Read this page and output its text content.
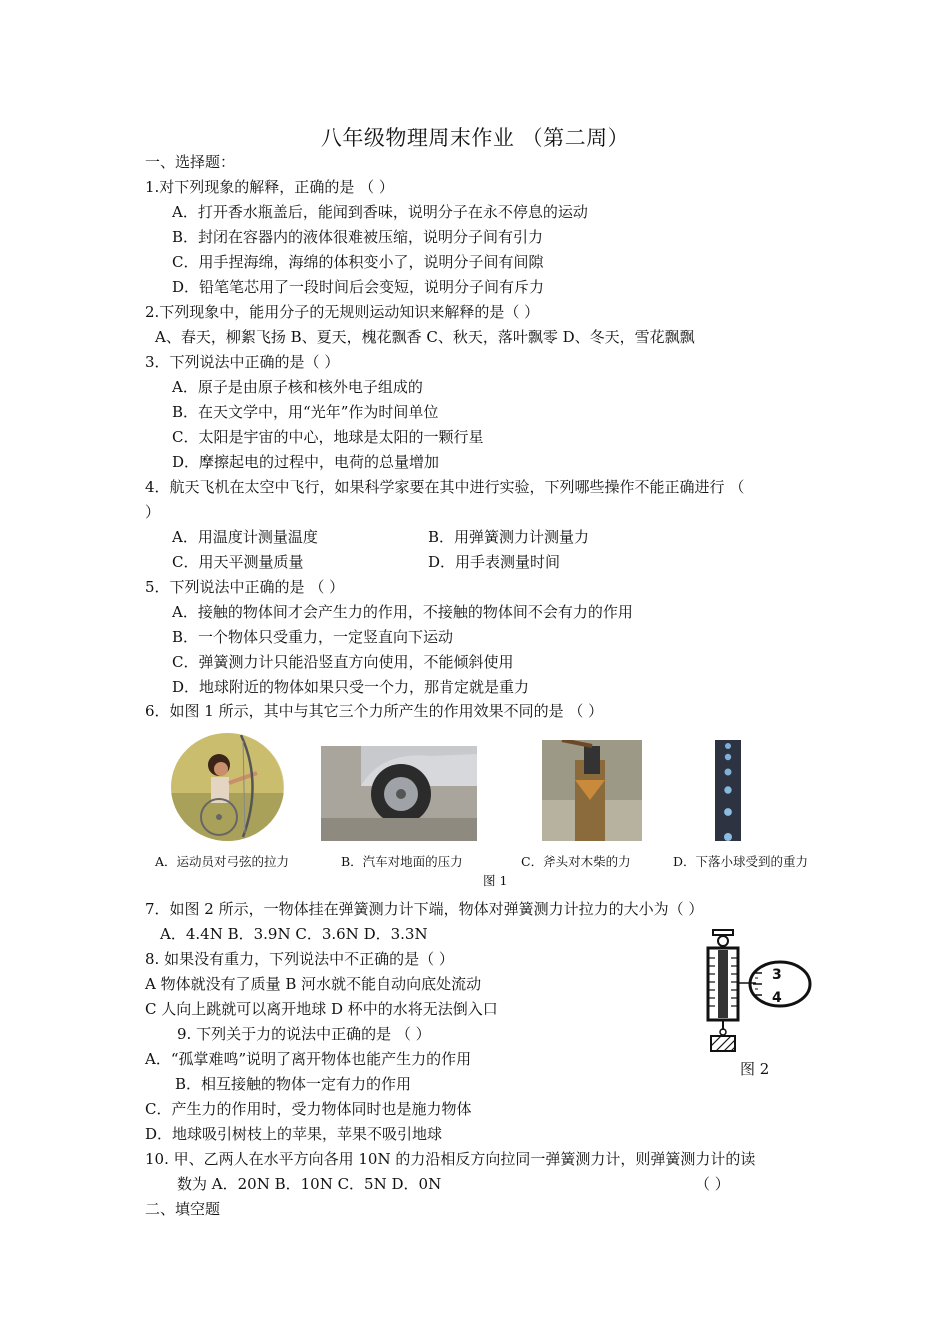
八年级物理周末作业 （第二周）
一、选择题：
1.对下列现象的解释，正确的是 （ ）
A．打开香水瓶盖后，能闻到香味，说明分子在永不停息的运动
B．封闭在容器内的液体很难被压缩，说明分子间有引力
C．用手捏海绵，海绵的体积变小了，说明分子间有间隙
D．铅笔笔芯用了一段时间后会变短，说明分子间有斥力
2.下列现象中，能用分子的无规则运动知识来解释的是（ ）
A、春天，柳絮飞扬 B、夏天，槐花飘香 C、秋天，落叶飘零 D、冬天，雪花飘飘
3．下列说法中正确的是（ ）
A．原子是由原子核和核外电子组成的
B．在天文学中，用“光年”作为时间单位
C．太阳是宇宙的中心，地球是太阳的一颗行星
D．摩擦起电的过程中，电荷的总量增加
4．航天飞机在太空中飞行，如果科学家要在其中进行实验，下列哪些操作不能正确进行 （
）
A．用温度计测量温度	B．用弹簧测力计测量力
C．用天平测量质量	D．用手表测量时间
5．下列说法中正确的是 （ ）
A．接触的物体间才会产生力的作用，不接触的物体间不会有力的作用
B．一个物体只受重力，一定竖直向下运动
C．弹簧测力计只能沿竖直方向使用，不能倾斜使用
D．地球附近的物体如果只受一个力，那肯定就是重力
6．如图 1 所示，其中与其它三个力所产生的作用效果不同的是 （ ）
A．运动员对弓弦的拉力	B．汽车对地面的压力	C．斧头对木柴的力	D．下落小球受到的重力
图 1
7．如图 2 所示，一物体挂在弹簧测力计下端，物体对弹簧测力计拉力的大小为（ ）
A．4.4N B．3.9N C．3.6N D．3.3N
8. 如果没有重力，下列说法中不正确的是（ ）
A 物体就没有了质量 B 河水就不能自动向底处流动
C 人向上跳就可以离开地球 D 杯中的水将无法倒入口
9. 下列关于力的说法中正确的是 （ ）
A．“孤掌难鸣”说明了离开物体也能产生力的作用
B．相互接触的物体一定有力的作用
C．产生力的作用时，受力物体同时也是施力物体
D．地球吸引树枝上的苹果，苹果不吸引地球
10. 甲、乙两人在水平方向各用 10N 的力沿相反方向拉同一弹簧测力计，则弹簧测力计的读
数为 A．20N B．10N C．5N D．0N	（ ）
二、填空题
3
4
图 2
